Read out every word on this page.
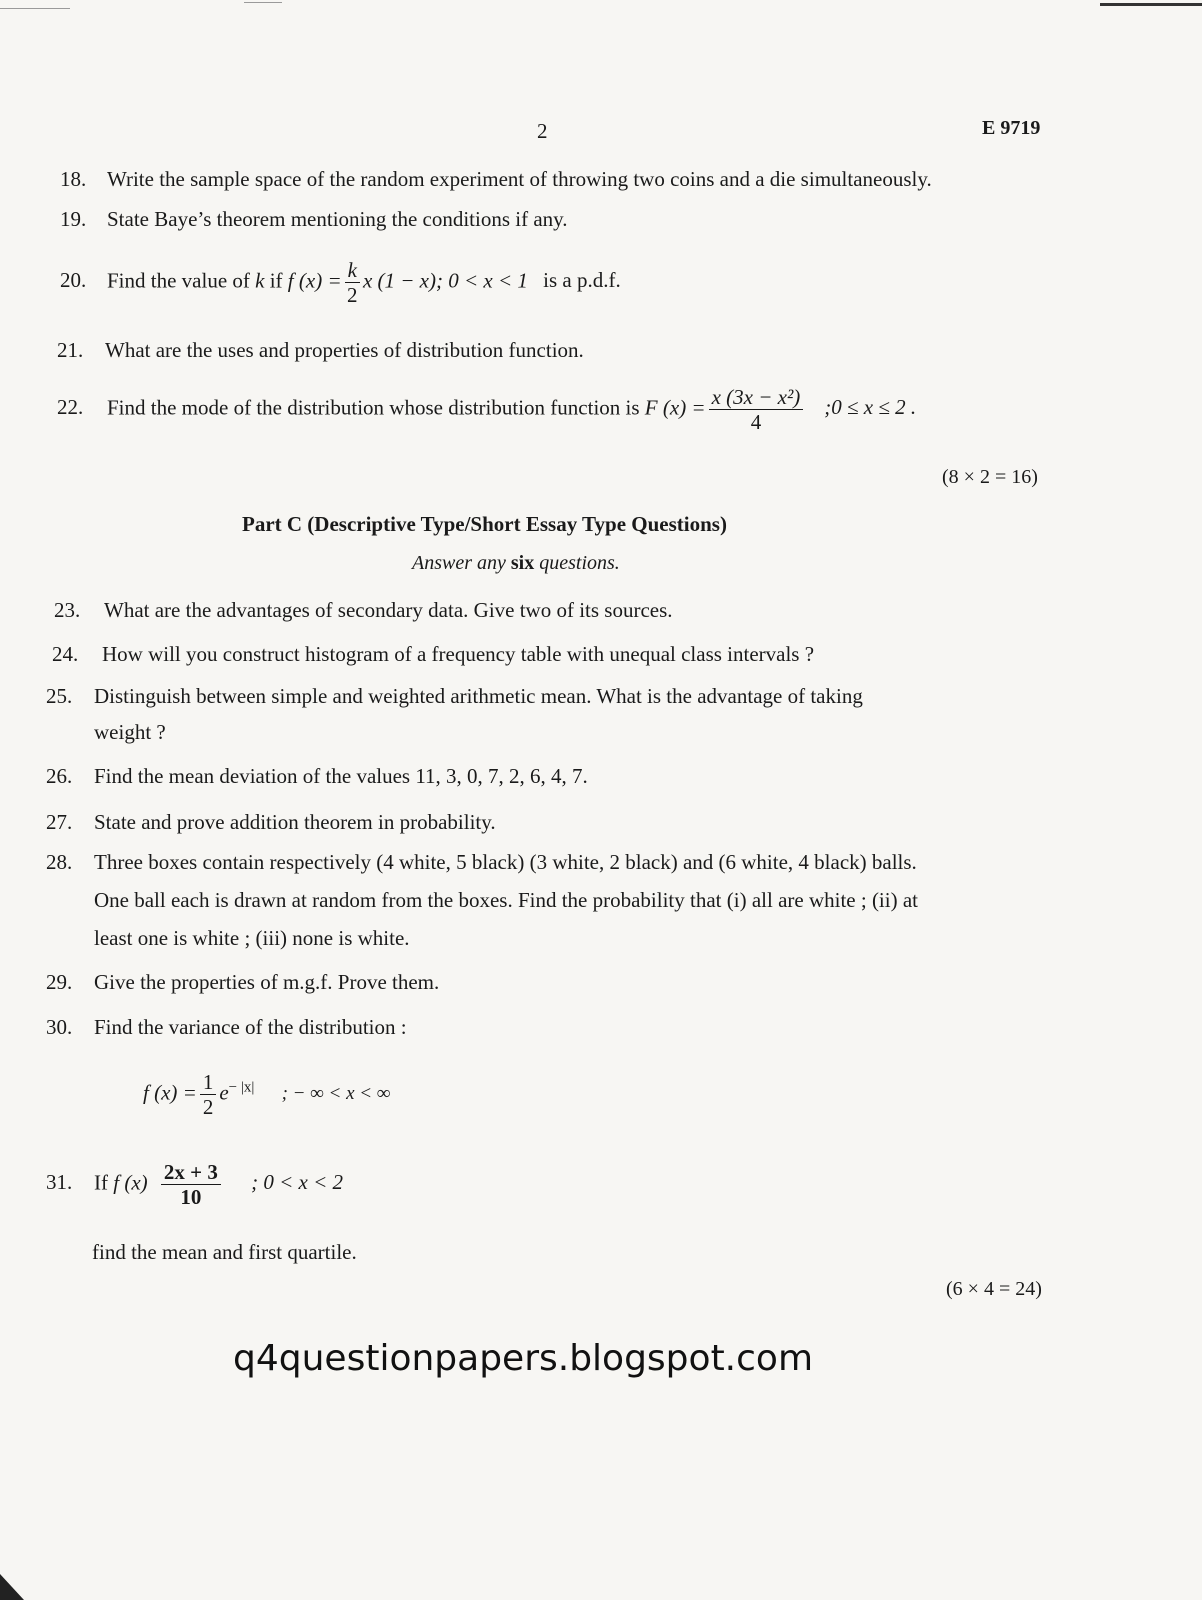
2	E 9719
18. Write the sample space of the random experiment of throwing two coins and a die simultaneously.
19. State Baye’s theorem mentioning the conditions if any.
20. Find the value of k if f $(x) = \frac{k}{2}$ x (1 − x); 0 < x < 1 is a p.d.f.
21. What are the uses and properties of distribution function.
22. Find the mode of the distribution whose distribution function is F $(x) = \frac{\text{x (3x − x²)}}{4}$ ;0 ≤ x ≤ 2 .
(8 × 2 = 16)
Part C (Descriptive Type/Short Essay Type Questions)
Answer any six questions.
23. What are the advantages of secondary data. Give two of its sources.
24. How will you construct histogram of a frequency table with unequal class intervals ?
25. Distinguish between simple and weighted arithmetic mean. What is the advantage of taking
weight ?
26. Find the mean deviation of the values 11, 3, 0, 7, 2, 6, 4, 7.
27. State and prove addition theorem in probability.
28. Three boxes contain respectively (4 white, 5 black) (3 white, 2 black) and (6 white, 4 black) balls.
One ball each is drawn at random from the boxes. Find the probability that (i) all are white ; (ii) at
least one is white ; (iii) none is white.
29. Give the properties of m.g.f. Prove them.
30. Find the variance of the distribution :
f $(x) = \frac{1}{2} e^{- |x|}$ ; − ∞ < x < ∞
31. If f $(x) \frac{2x + 3}{10}$ ; 0 < x < 2
find the mean and first quartile.
(6 × 4 = 24)
q4questionpapers.blogspot.com
